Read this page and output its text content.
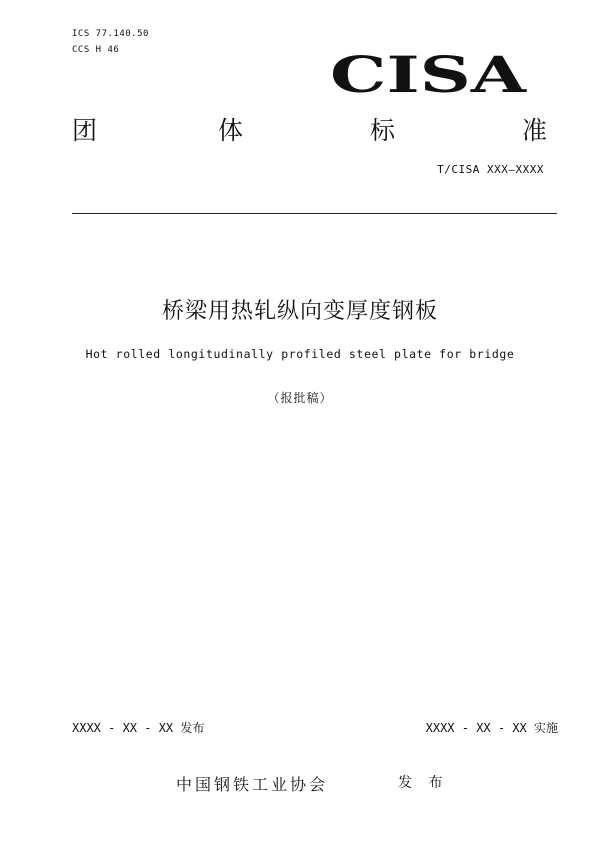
ICS 77.140.50
CCS H 46	CISA
团	体	标	准
T/CISA XXX—XXXX
桥梁用热轧纵向变厚度钢板
Hot rolled longitudinally profiled steel plate for bridge
（报批稿）
XXXX - XX - XX 发布	XXXX - XX - XX 实施
中国钢铁工业协会	发 布
